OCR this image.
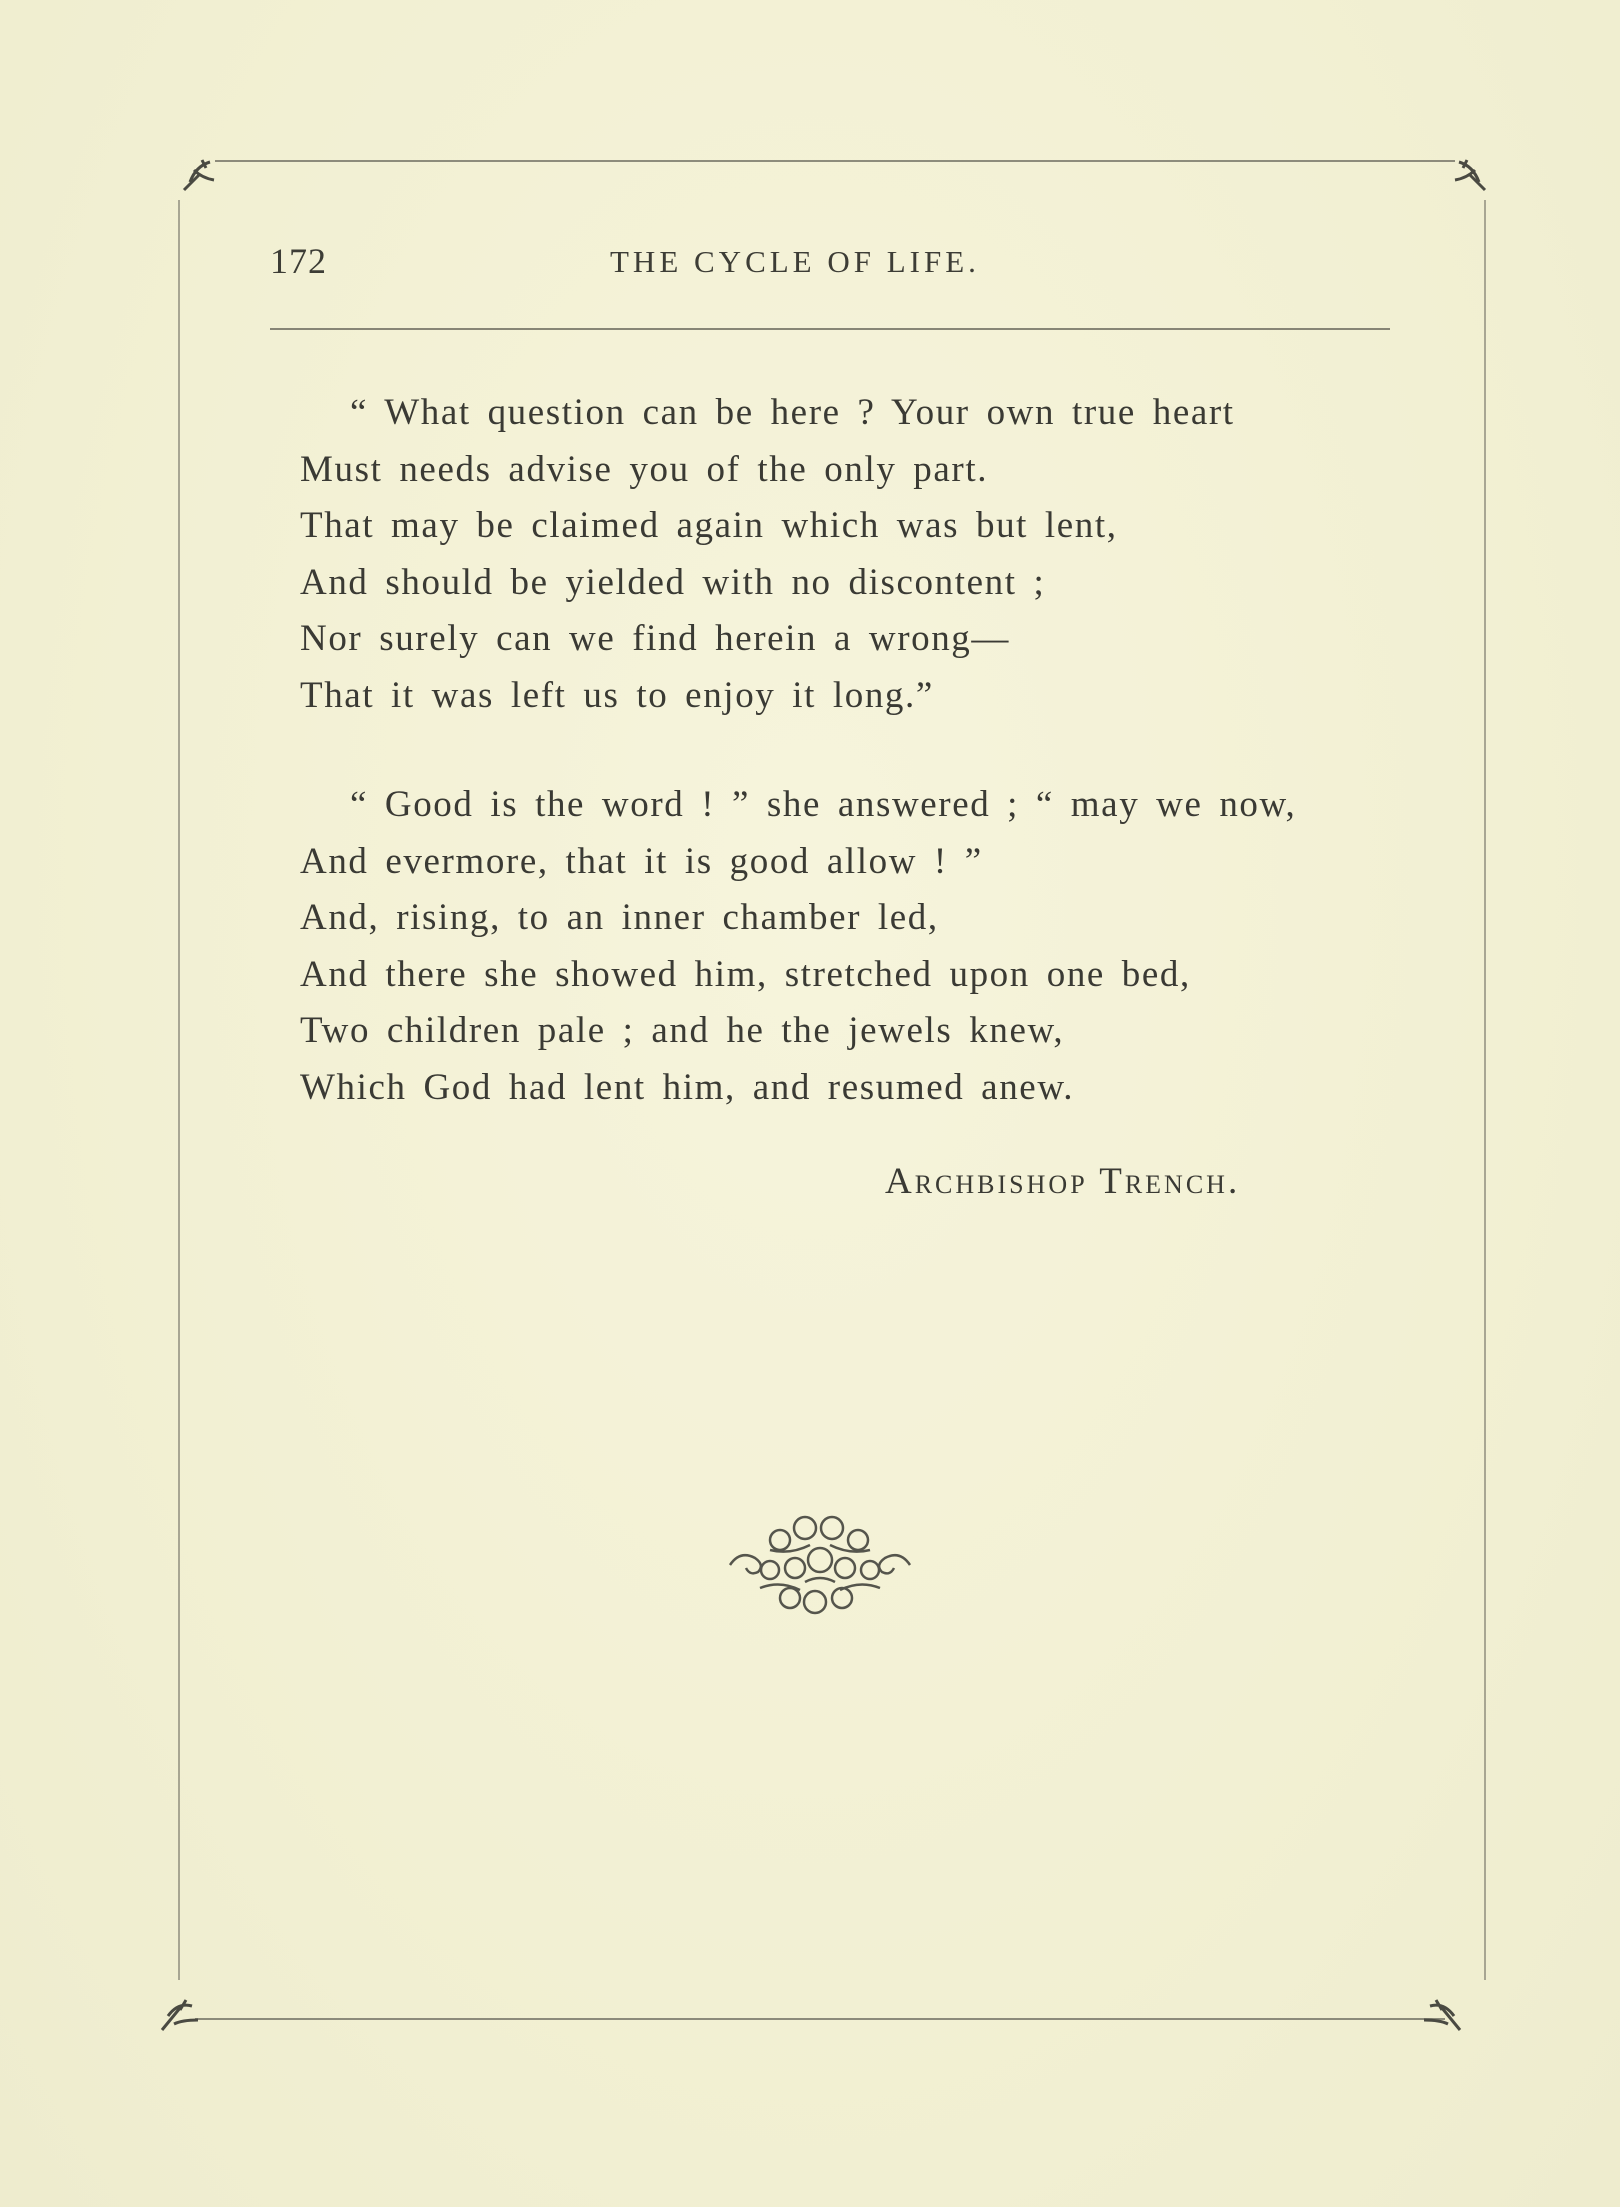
172	THE CYCLE OF LIFE.
“ What question can be here ? Your own true heart
Must needs advise you of the only part.
That may be claimed again which was but lent,
And should be yielded with no discontent ;
Nor surely can we find herein a wrong—
That it was left us to enjoy it long.”
“ Good is the word ! ” she answered ; “ may we now,
And evermore, that it is good allow ! ”
And, rising, to an inner chamber led,
And there she showed him, stretched upon one bed,
Two children pale ; and he the jewels knew,
Which God had lent him, and resumed anew.
Archbishop Trench.
